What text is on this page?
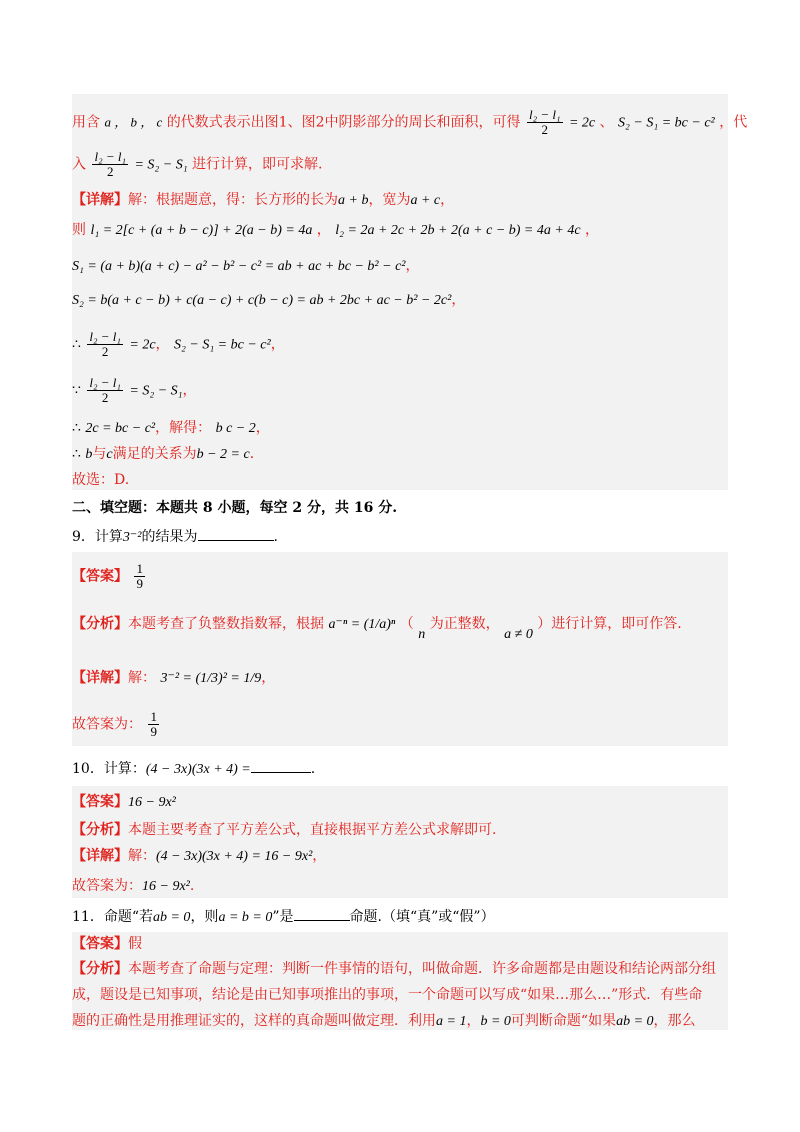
用含 a ， b ， c 的代数式表示出图1、图2中阴影部分的周长和面积，可得 $\frac{\text{l₂ − l₁}}{2} = 2c$ 、 S₂ − S₁ = bc − c² ，代
入 $\frac{\text{l₂ − l₁}}{2} = S_2 - S_1$ 进行计算，即可求解.
【详解】解：根据题意，得：长方形的长为a + b，宽为a + c，
则 l₁ = 2[c + (a + b − c)] + 2(a − b) = 4a ， l₂ = 2a + 2c + 2b + 2(a + c − b) = 4a + 4c ，
S₁ = (a + b)(a + c) − a² − b² − c² = ab + ac + bc − b² − c²，
S₂ = b(a + c − b) + c(a − c) + c(b − c) = ab + 2bc + ac − b² − 2c²，
∴ $\frac{\text{l₂ − l₁}}{2} = 2c$， S₂ − S₁ = bc − c²，
∵ $\frac{\text{l₂ − l₁}}{2} = S_2 - S_1$，
∴ 2c = bc − c²，解得： b c − 2，
∴ b与c满足的关系为b − 2 = c．
故选：D.
二、填空题：本题共 8 小题，每空 2 分，共 16 分.
9．计算3⁻²的结果为	.
【答案】 $\frac{1}{9}$
【分析】本题考查了负整数指数幂，根据 a⁻ⁿ = (1/a)ⁿ （ n 为正整数， a ≠ 0 ）进行计算，即可作答.
【详解】解： 3⁻² = (1/3)² = 1/9，
故答案为： $\frac{1}{9}$
10．计算：(4 − 3x)(3x + 4) =	.
【答案】16 − 9x²
【分析】本题主要考查了平方差公式，直接根据平方差公式求解即可.
【详解】解：(4 − 3x)(3x + 4) = 16 − 9x²，
故答案为：16 − 9x².
11．命题“若ab = 0，则a = b = 0”是	命题.（填“真”或“假”）
【答案】假
【分析】本题考查了命题与定理：判断一件事情的语句，叫做命题．许多命题都是由题设和结论两部分组
成，题设是已知事项，结论是由已知事项推出的事项，一个命题可以写成“如果…那么…”形式．有些命
题的正确性是用推理证实的，这样的真命题叫做定理．利用a = 1，b = 0可判断命题“如果ab = 0，那么
